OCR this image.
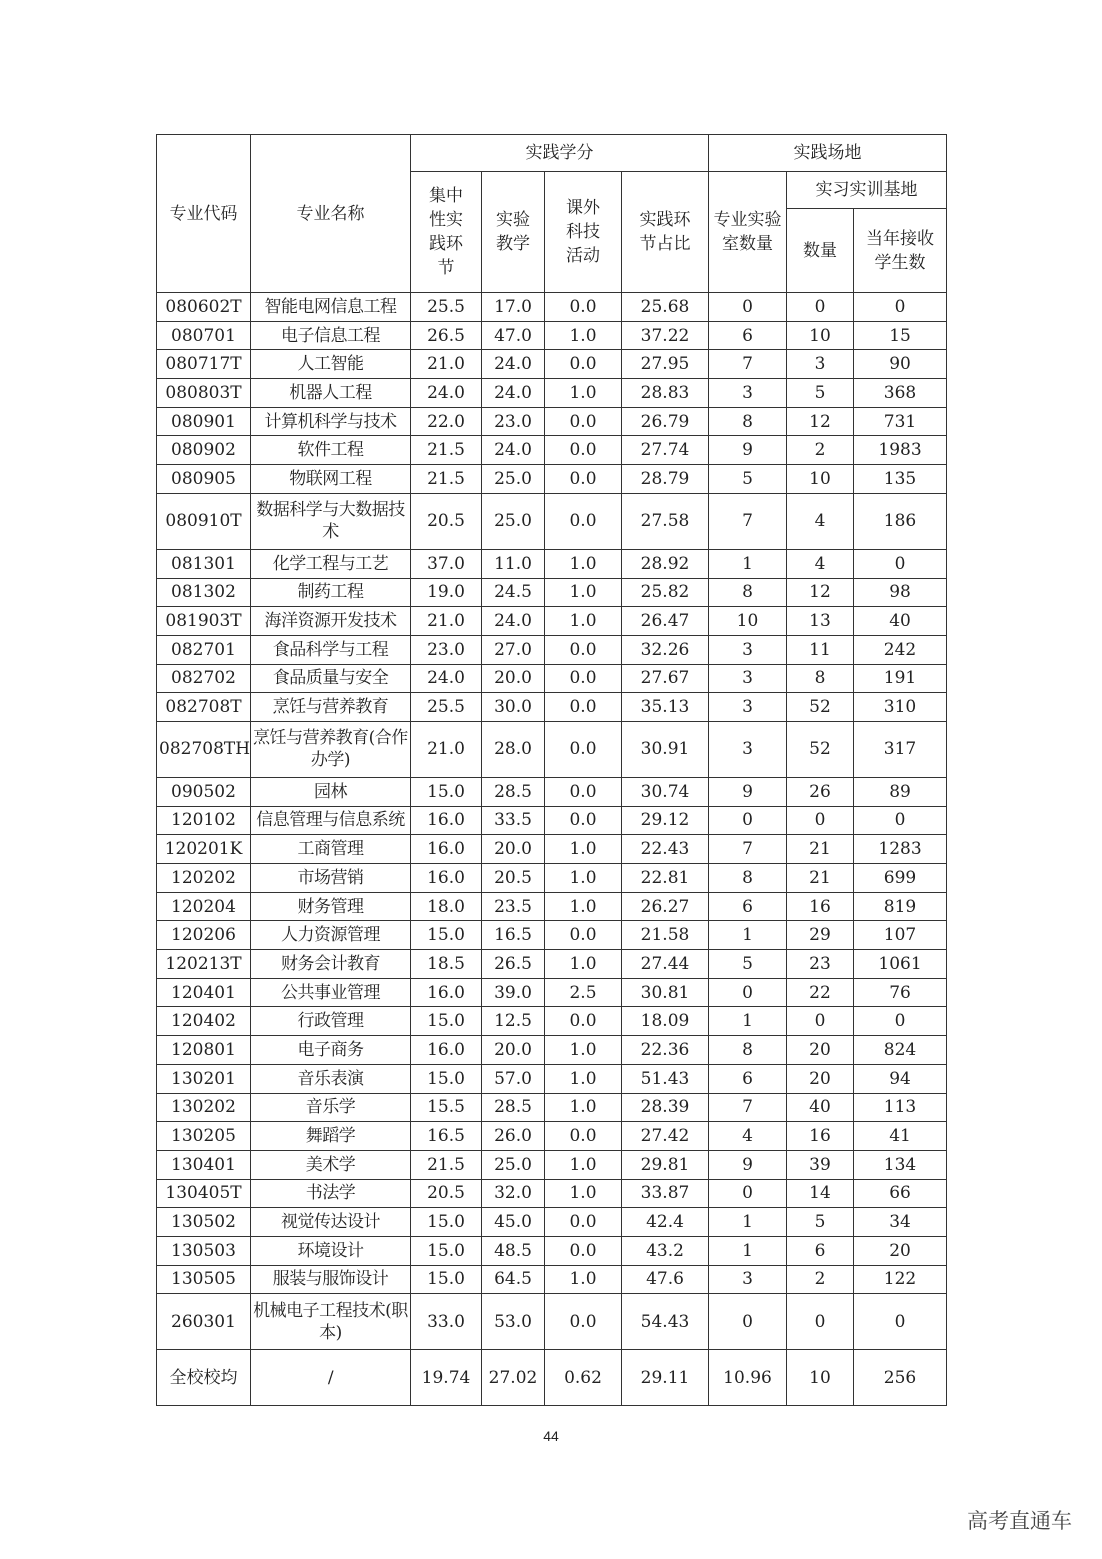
专业代码	专业名称	实践学分				实践场地		
		集中性实践环节	实验教学	课外科技活动	实践环节占比	专业实验室数量	实习实训基地	
							数量	当年接收学生数
080602T	智能电网信息工程	25.5	17.0	0.0	25.68	0	0	0
080701	电子信息工程	26.5	47.0	1.0	37.22	6	10	15
080717T	人工智能	21.0	24.0	0.0	27.95	7	3	90
080803T	机器人工程	24.0	24.0	1.0	28.83	3	5	368
080901	计算机科学与技术	22.0	23.0	0.0	26.79	8	12	731
080902	软件工程	21.5	24.0	0.0	27.74	9	2	1983
080905	物联网工程	21.5	25.0	0.0	28.79	5	10	135
080910T	数据科学与大数据技术	20.5	25.0	0.0	27.58	7	4	186
081301	化学工程与工艺	37.0	11.0	1.0	28.92	1	4	0
081302	制药工程	19.0	24.5	1.0	25.82	8	12	98
081903T	海洋资源开发技术	21.0	24.0	1.0	26.47	10	13	40
082701	食品科学与工程	23.0	27.0	0.0	32.26	3	11	242
082702	食品质量与安全	24.0	20.0	0.0	27.67	3	8	191
082708T	烹饪与营养教育	25.5	30.0	0.0	35.13	3	52	310
082708TH	烹饪与营养教育(合作办学)	21.0	28.0	0.0	30.91	3	52	317
090502	园林	15.0	28.5	0.0	30.74	9	26	89
120102	信息管理与信息系统	16.0	33.5	0.0	29.12	0	0	0
120201K	工商管理	16.0	20.0	1.0	22.43	7	21	1283
120202	市场营销	16.0	20.5	1.0	22.81	8	21	699
120204	财务管理	18.0	23.5	1.0	26.27	6	16	819
120206	人力资源管理	15.0	16.5	0.0	21.58	1	29	107
120213T	财务会计教育	18.5	26.5	1.0	27.44	5	23	1061
120401	公共事业管理	16.0	39.0	2.5	30.81	0	22	76
120402	行政管理	15.0	12.5	0.0	18.09	1	0	0
120801	电子商务	16.0	20.0	1.0	22.36	8	20	824
130201	音乐表演	15.0	57.0	1.0	51.43	6	20	94
130202	音乐学	15.5	28.5	1.0	28.39	7	40	113
130205	舞蹈学	16.5	26.0	0.0	27.42	4	16	41
130401	美术学	21.5	25.0	1.0	29.81	9	39	134
130405T	书法学	20.5	32.0	1.0	33.87	0	14	66
130502	视觉传达设计	15.0	45.0	0.0	42.4	1	5	34
130503	环境设计	15.0	48.5	0.0	43.2	1	6	20
130505	服装与服饰设计	15.0	64.5	1.0	47.6	3	2	122
260301	机械电子工程技术(职本)	33.0	53.0	0.0	54.43	0	0	0
全校校均	/	19.74	27.02	0.62	29.11	10.96	10	256
44
高考直通车
